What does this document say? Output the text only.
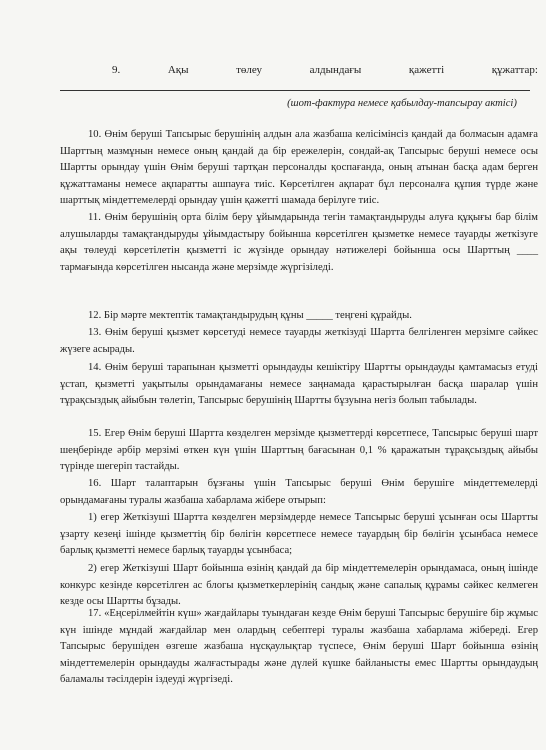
9.	Ақы	төлеу	алдындағы	қажетті	құжаттар:
(шот-фактура немесе қабылдау-тапсырау актісі)
10. Өнім беруші Тапсырыс берушінің алдын ала жазбаша келісімінсіз қандай да болмасын адамға Шарттың мазмұнын немесе оның қандай да бір ережелерін, сондай-ақ Тапсырыс беруші немесе осы Шартты орындау үшін Өнім беруші тартқан персоналды қоспағанда, оның атынан басқа адам берген құжаттаманы немесе ақпаратты ашпауға тиіс. Көрсетілген ақпарат бұл персоналға құпия түрде және шарттық міндеттемелерді орындау үшін қажетті шамада берілуге тиіс.
11. Өнім берушінің орта білім беру ұйымдарында тегін тамақтандыруды алуға құқығы бар білім алушыларды тамақтандыруды ұйымдастыру бойынша көрсетілген қызметке немесе тауарды жеткізуге ақы төлеуді көрсетілетін қызметті іс жүзінде орындау нәтижелері бойынша осы Шарттың ____ тармағында көрсетілген нысанда және мерзімде жүргізіледі.
12. Бір мәрте мектептік тамақтандырудың құны _____ теңгені құрайды.
13. Өнім беруші қызмет көрсетуді немесе тауарды жеткізуді Шартта белгіленген мерзімге сәйкес жүзеге асырады.
14. Өнім беруші тарапынан қызметті орындауды кешіктіру Шартты орындауды қамтамасыз етуді ұстап, қызметті уақытылы орындамағаны немесе заңнамада қарастырылған басқа шаралар үшін тұрақсыздық айыбын төлетіп, Тапсырыс берушінің Шартты бұзуына негіз болып табылады.
15. Егер Өнім беруші Шартта көзделген мерзімде қызметтерді көрсетпесе, Тапсырыс беруші шарт шеңберінде әрбір мерзімі өткен күн үшін Шарттың бағасынан 0,1 % қаражатын тұрақсыздық айыбы түрінде шегеріп тастайды.
16. Шарт талаптарын бұзғаны үшін Тапсырыс беруші Өнім берушіге міндеттемелерді орындамағаны туралы жазбаша хабарлама жібере отырып:
1) егер Жеткізуші Шартта көзделген мерзімдерде немесе Тапсырыс беруші ұсынған осы Шартты ұзарту кезеңі ішінде қызметтің бір бөлігін көрсетпесе немесе тауардың бір бөлігін ұсынбаса немесе барлық қызметті немесе барлық тауарды ұсынбаса;
2) егер Жеткізуші Шарт бойынша өзінің қандай да бір міндеттемелерін орындамаса, оның ішінде конкурс кезінде көрсетілген ас блогы қызметкерлерінің сандық және сапалық құрамы сәйкес келмеген кезде осы Шартты бұзады.
17. «Еңсерілмейтін күш» жағдайлары туындаған кезде Өнім беруші Тапсырыс берушіге бір жұмыс күн ішінде мұндай жағдайлар мен олардың себептері туралы жазбаша хабарлама жібереді. Егер Тапсырыс берушіден өзгеше жазбаша нұсқаулықтар түспесе, Өнім беруші Шарт бойынша өзінің міндеттемелерін орындауды жалғастырады және дүлей күшке байланысты емес Шартты орындаудың баламалы тәсілдерін іздеуді жүргізеді.
